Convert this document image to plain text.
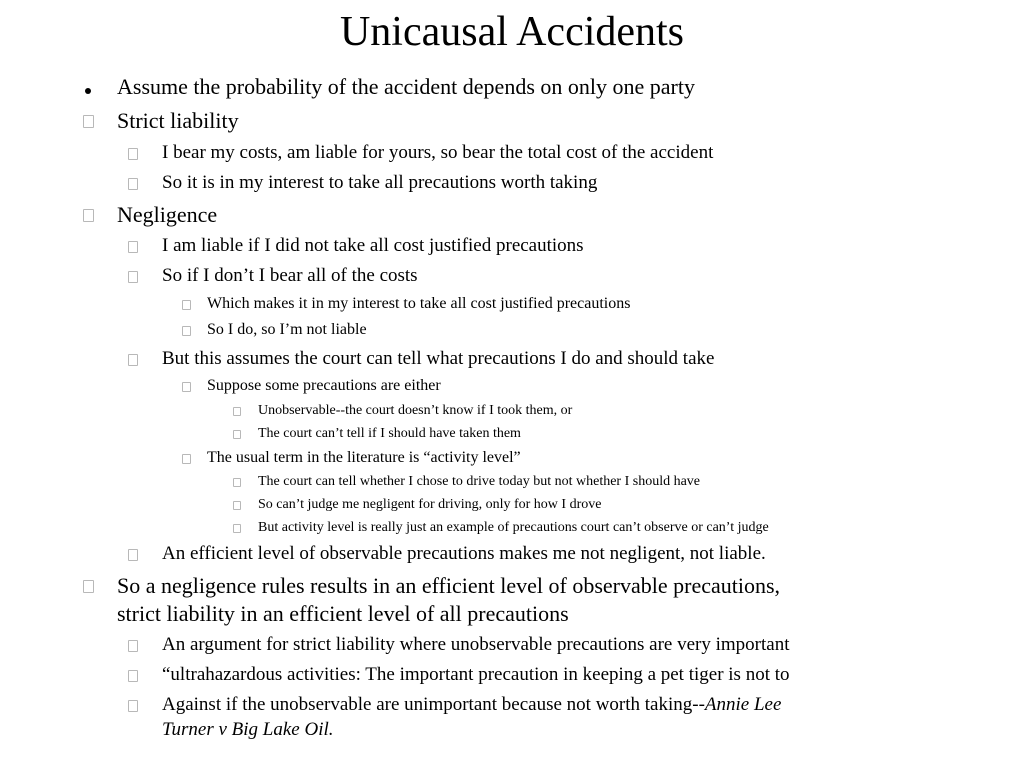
Unicausal Accidents
Assume the probability of the accident depends on only one party
Strict liability
I bear my costs, am liable for yours, so bear the total cost of the accident
So it is in my interest to take all precautions worth taking
Negligence
I am liable if I did not take all cost justified precautions
So if I don’t I bear all of the costs
Which makes it in my interest to take all cost justified precautions
So I do, so I’m not liable
But this assumes the court can tell what precautions I do and should take
Suppose some precautions are either
Unobservable--the court doesn’t know if I took them, or
The court can’t tell if I should have taken them
The usual term in the literature is “activity level”
The court can tell whether I chose to drive today but not whether I should have
So can’t judge me negligent for driving, only for how I drove
But activity level is really just an example of precautions court can’t observe or can’t judge
An efficient level of observable precautions makes me not negligent, not liable.
So a negligence rules results in an efficient level of observable precautions,
strict liability in an efficient level of all precautions
An argument for strict liability where unobservable precautions are very important
“ultrahazardous activities: The important precaution in keeping a pet tiger is not to
Against if the unobservable are unimportant because not worth taking--Annie Lee
Turner v Big Lake Oil.
